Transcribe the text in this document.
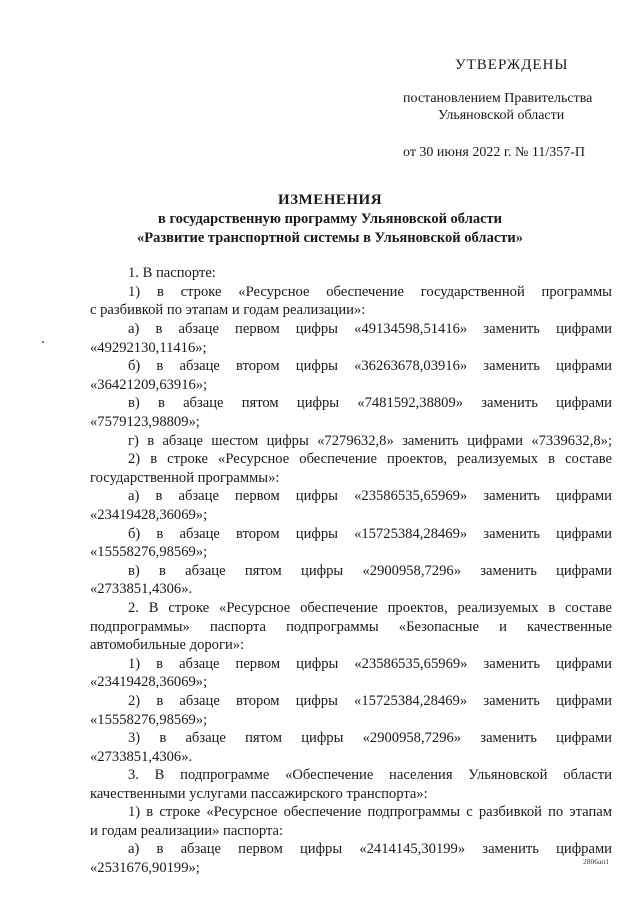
УТВЕРЖДЕНЫ
постановлением Правительства
Ульяновской области
от 30 июня 2022 г. № 11/357-П
ИЗМЕНЕНИЯ
в государственную программу Ульяновской области
«Развитие транспортной системы в Ульяновской области»
1. В паспорте:
1) в строке «Ресурсное обеспечение государственной программы
с разбивкой по этапам и годам реализации»:
а) в абзаце первом цифры «49134598,51416» заменить цифрами
«49292130,11416»;
б) в абзаце втором цифры «36263678,03916» заменить цифрами
«36421209,63916»;
в) в абзаце пятом цифры «7481592,38809» заменить цифрами
«7579123,98809»;
г) в абзаце шестом цифры «7279632,8» заменить цифрами «7339632,8»;
2) в строке «Ресурсное обеспечение проектов, реализуемых в составе
государственной программы»:
а) в абзаце первом цифры «23586535,65969» заменить цифрами
«23419428,36069»;
б) в абзаце втором цифры «15725384,28469» заменить цифрами
«15558276,98569»;
в) в абзаце пятом цифры «2900958,7296» заменить цифрами
«2733851,4306».
2. В строке «Ресурсное обеспечение проектов, реализуемых в составе
подпрограммы» паспорта подпрограммы «Безопасные и качественные
автомобильные дороги»:
1) в абзаце первом цифры «23586535,65969» заменить цифрами
«23419428,36069»;
2) в абзаце втором цифры «15725384,28469» заменить цифрами
«15558276,98569»;
3) в абзаце пятом цифры «2900958,7296» заменить цифрами
«2733851,4306».
3. В подпрограмме «Обеспечение населения Ульяновской области
качественными услугами пассажирского транспорта»:
1) в строке «Ресурсное обеспечение подпрограммы с разбивкой по этапам
и годам реализации» паспорта:
а) в абзаце первом цифры «2414145,30199» заменить цифрами
«2531676,90199»;	2806ап1
